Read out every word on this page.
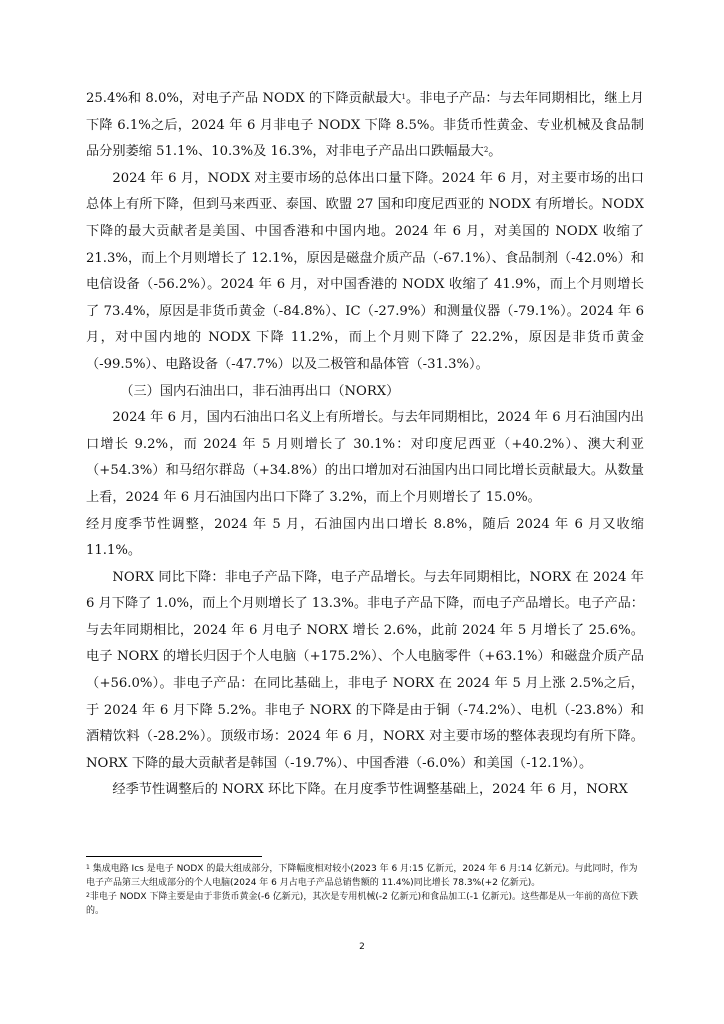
25.4%和 8.0%，对电子产品 NODX 的下降贡献最大$^1$。非电子产品：与去年同期相比，继上月下降 6.1%之后，2024 年 6 月非电子 NODX 下降 8.5%。非货币性黄金、专业机械及食品制品分别萎缩 51.1%、10.3%及 16.3%，对非电子产品出口跌幅最大$^2$。

2024 年 6 月，NODX 对主要市场的总体出口量下降。2024 年 6 月，对主要市场的出口总体上有所下降，但到马来西亚、泰国、欧盟 27 国和印度尼西亚的 NODX 有所增长。NODX 下降的最大贡献者是美国、中国香港和中国内地。2024 年 6 月，对美国的 NODX 收缩了 21.3%，而上个月则增长了 12.1%，原因是磁盘介质产品（-67.1%）、食品制剂（-42.0%）和电信设备（-56.2%）。2024 年 6 月，对中国香港的 NODX 收缩了 41.9%，而上个月则增长了 73.4%，原因是非货币黄金（-84.8%）、IC（-27.9%）和测量仪器（-79.1%）。2024 年 6 月，对中国内地的 NODX 下降 11.2%，而上个月则下降了 22.2%，原因是非货币黄金（-99.5%）、电路设备（-47.7%）以及二极管和晶体管（-31.3%）。

（三）国内石油出口，非石油再出口（NORX）

2024 年 6 月，国内石油出口名义上有所增长。与去年同期相比，2024 年 6 月石油国内出口增长 9.2%，而 2024 年 5 月则增长了 30.1%：对印度尼西亚（+40.2%）、澳大利亚（+54.3%）和马绍尔群岛（+34.8%）的出口增加对石油国内出口同比增长贡献最大。从数量上看，2024 年 6 月石油国内出口下降了 3.2%，而上个月则增长了 15.0%。

经月度季节性调整，2024 年 5 月，石油国内出口增长 8.8%，随后 2024 年 6 月又收缩 11.1%。

NORX 同比下降：非电子产品下降，电子产品增长。与去年同期相比，NORX 在 2024 年 6 月下降了 1.0%，而上个月则增长了 13.3%。非电子产品下降，而电子产品增长。电子产品：与去年同期相比，2024 年 6 月电子 NORX 增长 2.6%，此前 2024 年 5 月增长了 25.6%。电子 NORX 的增长归因于个人电脑（+175.2%）、个人电脑零件（+63.1%）和磁盘介质产品（+56.0%）。非电子产品：在同比基础上，非电子 NORX 在 2024 年 5 月上涨 2.5%之后，于 2024 年 6 月下降 5.2%。非电子 NORX 的下降是由于铜（-74.2%）、电机（-23.8%）和酒精饮料（-28.2%）。顶级市场：2024 年 6 月，NORX 对主要市场的整体表现均有所下降。NORX 下降的最大贡献者是韩国（-19.7%）、中国香港（-6.0%）和美国（-12.1%）。

经季节性调整后的 NORX 环比下降。在月度季节性调整基础上，2024 年 6 月，NORX

$^1$ 集成电路 Ics 是电子 NODX 的最大组成部分，下降幅度相对较小(2023 年 6 月:15 亿新元，2024 年 6 月:14 亿新元)。与此同时，作为电子产品第三大组成部分的个人电脑(2024 年 6 月占电子产品总销售额的 11.4%)同比增长 78.3%(+2 亿新元)。

$^2$非电子 NODX 下降主要是由于非货币黄金(-6 亿新元)，其次是专用机械(-2 亿新元)和食品加工(-1 亿新元)。这些都是从一年前的高位下跌的。

2
